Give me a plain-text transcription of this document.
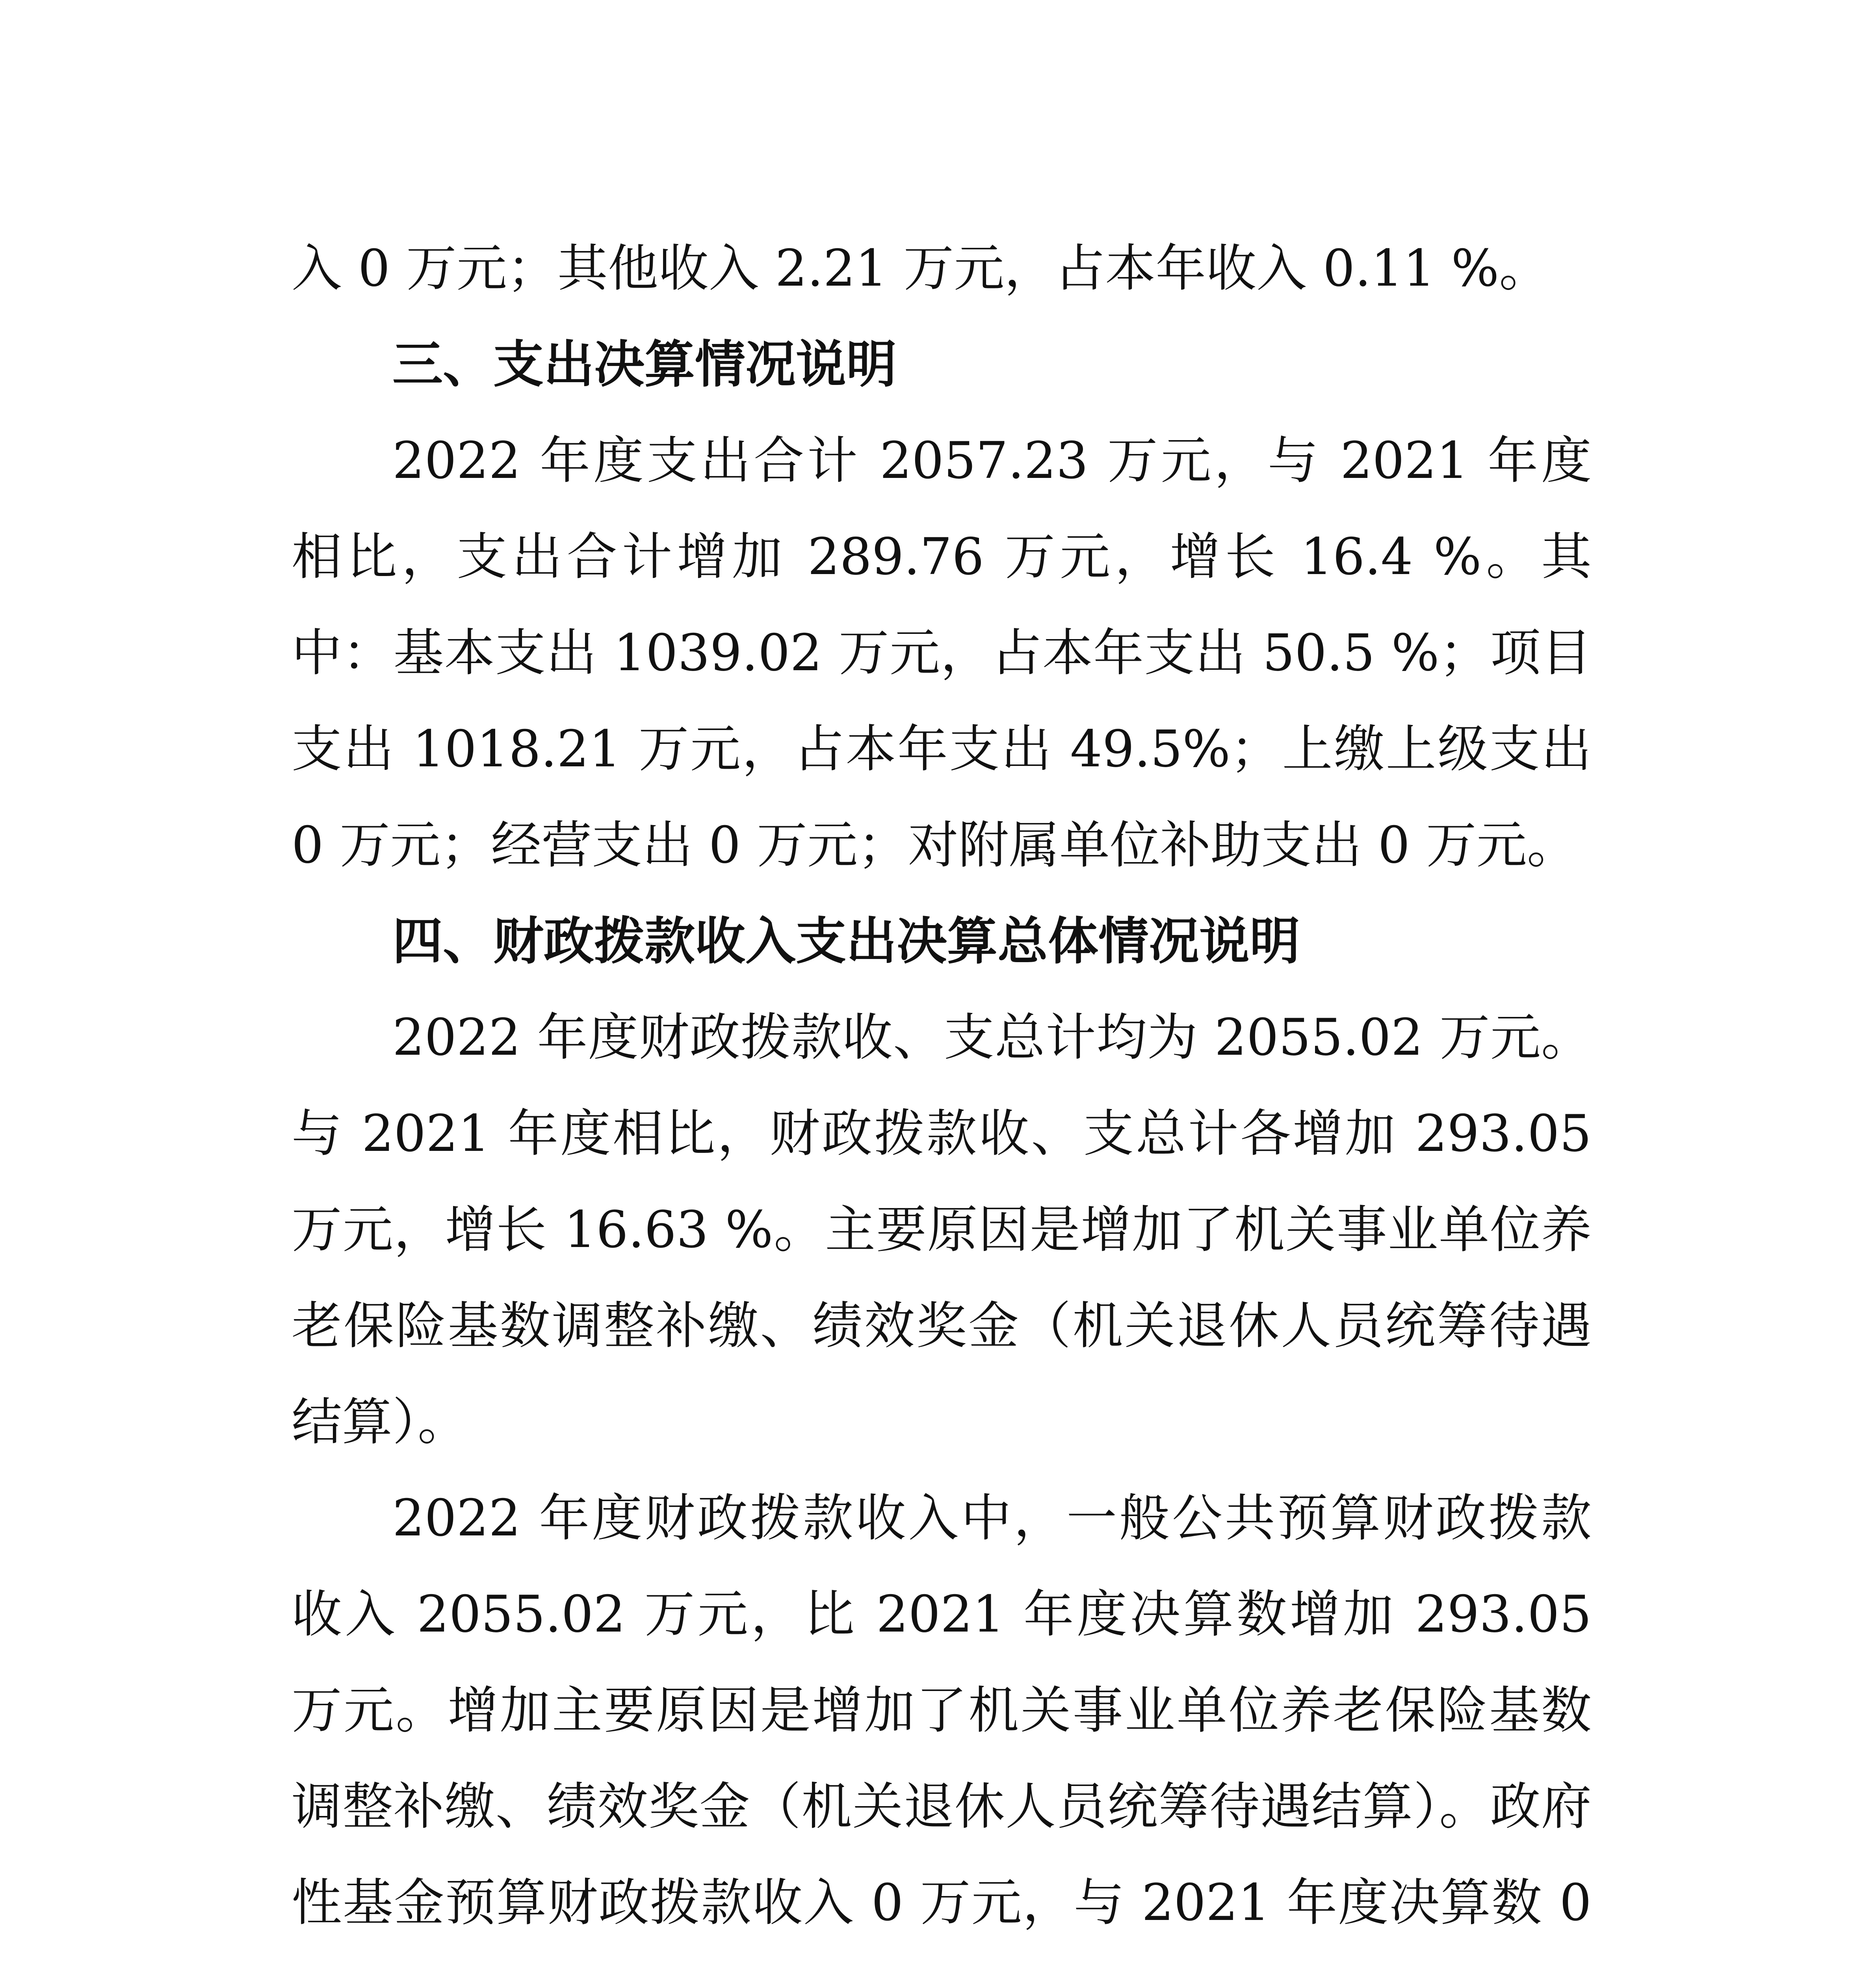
入 0 万元；其他收入 2.21 万元，占本年收入 0.11 %。

三、支出决算情况说明

2022 年度支出合计 2057.23 万元，与 2021 年度相比，支出合计增加 289.76 万元，增长 16.4 %。其中：基本支出 1039.02 万元，占本年支出 50.5 %；项目支出 1018.21 万元，占本年支出 49.5%；上缴上级支出 0 万元；经营支出 0 万元；对附属单位补助支出 0 万元。

四、财政拨款收入支出决算总体情况说明

2022 年度财政拨款收、支总计均为 2055.02 万元。与 2021 年度相比，财政拨款收、支总计各增加 293.05 万元，增长 16.63 %。主要原因是增加了机关事业单位养老保险基数调整补缴、绩效奖金（机关退休人员统筹待遇结算）。

2022 年度财政拨款收入中，一般公共预算财政拨款收入 2055.02 万元，比 2021 年度决算数增加 293.05 万元。增加主要原因是增加了机关事业单位养老保险基数调整补缴、绩效奖金（机关退休人员统筹待遇结算）。政府性基金预算财政拨款收入 0 万元，与 2021 年度决算数 0
